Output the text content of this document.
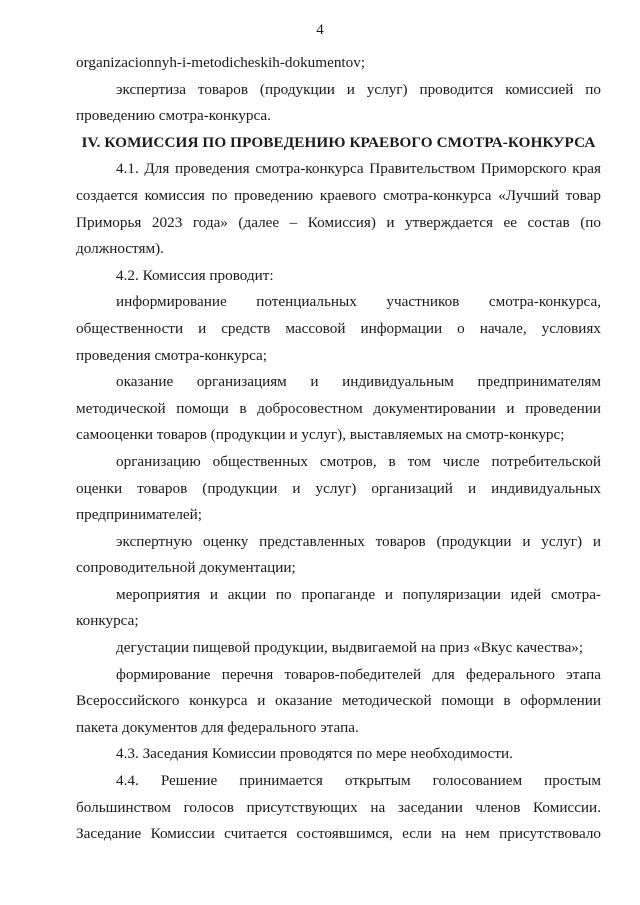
4

organizacionnyh-i-metodicheskih-dokumentov;

экспертиза товаров (продукции и услуг) проводится комиссией по проведению смотра-конкурса.

IV. КОМИССИЯ ПО ПРОВЕДЕНИЮ КРАЕВОГО СМОТРА-КОНКУРСА

4.1. Для проведения смотра-конкурса Правительством Приморского края создается комиссия по проведению краевого смотра-конкурса «Лучший товар Приморья 2023 года» (далее – Комиссия) и утверждается ее состав (по должностям).

4.2. Комиссия проводит:

информирование потенциальных участников смотра-конкурса, общественности и средств массовой информации о начале, условиях проведения смотра-конкурса;

оказание организациям и индивидуальным предпринимателям методической помощи в добросовестном документировании и проведении самооценки товаров (продукции и услуг), выставляемых на смотр-конкурс;

организацию общественных смотров, в том числе потребительской оценки товаров (продукции и услуг) организаций и индивидуальных предпринимателей;

экспертную оценку представленных товаров (продукции и услуг) и сопроводительной документации;

мероприятия и акции по пропаганде и популяризации идей смотра-конкурса;

дегустации пищевой продукции, выдвигаемой на приз «Вкус качества»;

формирование перечня товаров-победителей для федерального этапа Всероссийского конкурса и оказание методической помощи в оформлении пакета документов для федерального этапа.

4.3. Заседания Комиссии проводятся по мере необходимости.

4.4. Решение принимается открытым голосованием простым большинством голосов присутствующих на заседании членов Комиссии. Заседание Комиссии считается состоявшимся, если на нем присутствовало
